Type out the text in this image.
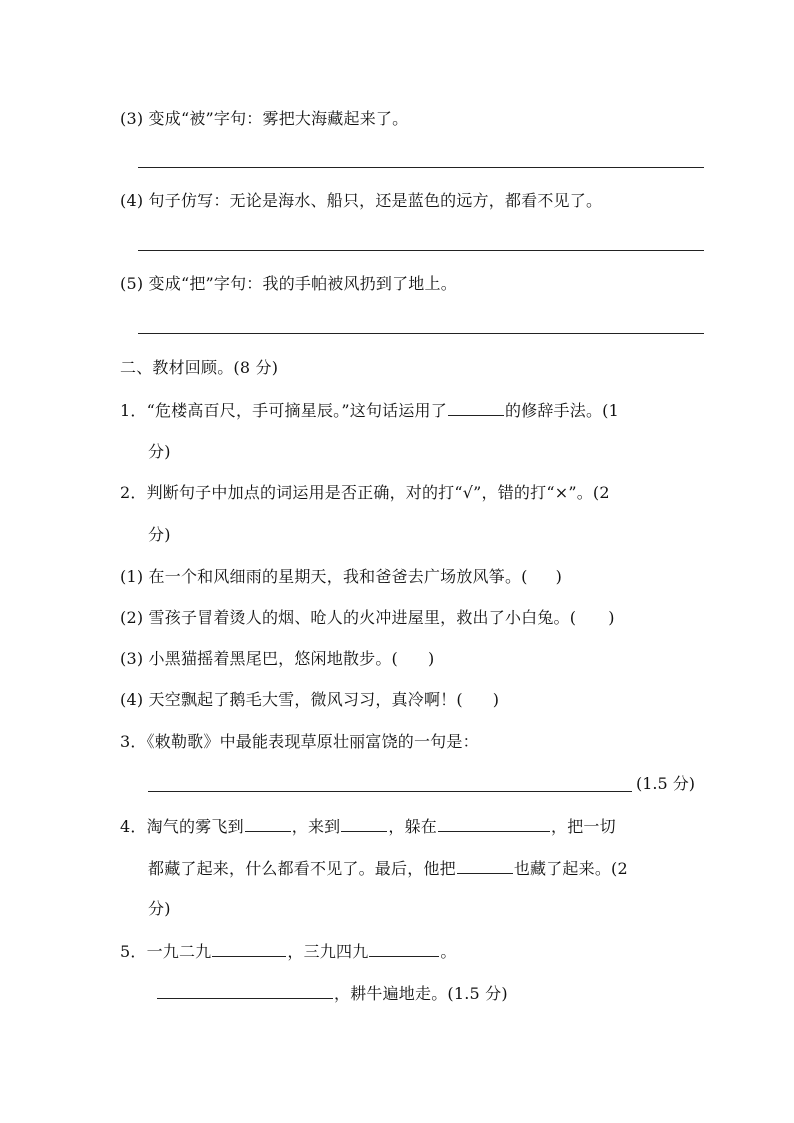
(3) 变成“被”字句：雾把大海藏起来了。
(4) 句子仿写：无论是海水、船只，还是蓝色的远方，都看不见了。
(5) 变成“把”字句：我的手帕被风扔到了地上。
二、教材回顾。(8 分)
1．“危楼高百尺，手可摘星辰。”这句话运用了	的修辞手法。(1
分)
2．判断句子中加点的词运用是否正确，对的打“√”，错的打“×”。(2
分)
(1) 在一个和风细雨的星期天，我和爸爸去广场放风筝。( )
(2) 雪孩子冒着烫人的烟、呛人的火冲进屋里，救出了小白兔。( )
(3) 小黑猫摇着黑尾巴，悠闲地散步。( )
(4) 天空飘起了鹅毛大雪，微风习习，真冷啊！( )
3．《敕勒歌》中最能表现草原壮丽富饶的一句是：
(1.5 分)
4．淘气的雾飞到	，来到	，躲在	，把一切
都藏了起来，什么都看不见了。最后，他把	也藏了起来。(2
分)
5．一九二九	，三九四九	。
，耕牛遍地走。(1.5 分)
